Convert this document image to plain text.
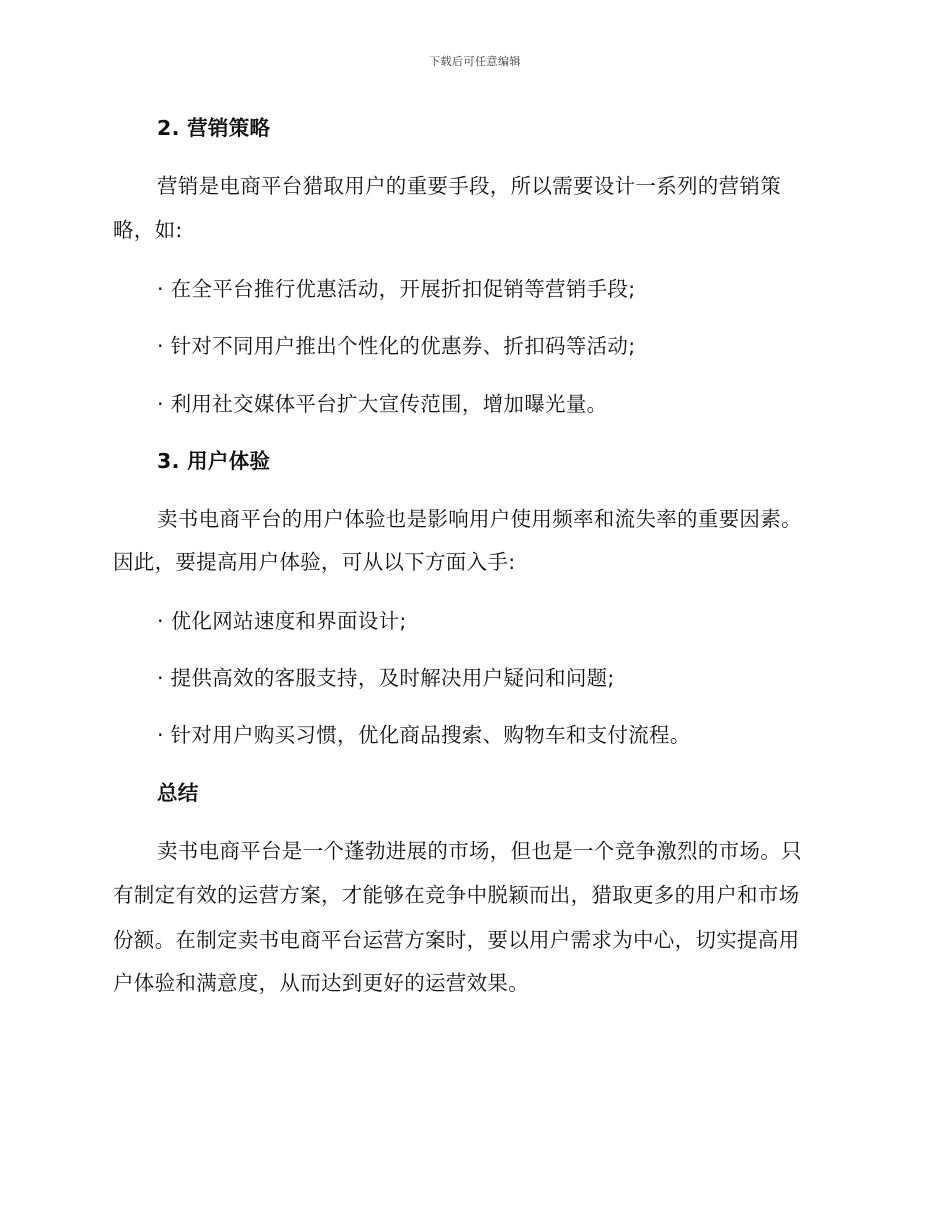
下载后可任意编辑
2. 营销策略
营销是电商平台猎取用户的重要手段，所以需要设计一系列的营销策
略，如:
· 在全平台推行优惠活动，开展折扣促销等营销手段;
· 针对不同用户推出个性化的优惠券、折扣码等活动;
· 利用社交媒体平台扩大宣传范围，增加曝光量。
3. 用户体验
卖书电商平台的用户体验也是影响用户使用频率和流失率的重要因素。
因此，要提高用户体验，可从以下方面入手:
· 优化网站速度和界面设计;
· 提供高效的客服支持，及时解决用户疑问和问题;
· 针对用户购买习惯，优化商品搜索、购物车和支付流程。
总结
卖书电商平台是一个蓬勃进展的市场，但也是一个竞争激烈的市场。只
有制定有效的运营方案，才能够在竞争中脱颖而出，猎取更多的用户和市场
份额。在制定卖书电商平台运营方案时，要以用户需求为中心，切实提高用
户体验和满意度，从而达到更好的运营效果。
